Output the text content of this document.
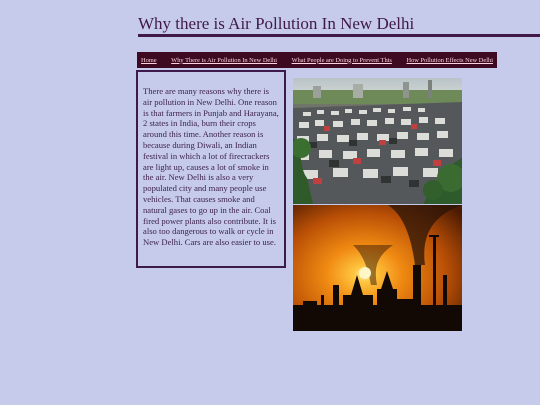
Why there is Air Pollution In New Delhi
Home Why There is Air Pollution In New Delhi What People are Doing to Prevent This How Pollution Effects New Delhi

There are many reasons why there is air pollution in New Delhi. One reason is that farmers in Punjab and Harayana, 2 states in India, burn their crops around this time. Another reason is because during Diwali, an Indian festival in which a lot of firecrackers are light up, causes a lot of smoke in the air. New Delhi is also a very populated city and many people use vehicles. That causes smoke and natural gases to go up in the air. Coal fired power plants also contribute. It is also too dangerous to walk or cycle in New Delhi. Cars are also easier to use.
